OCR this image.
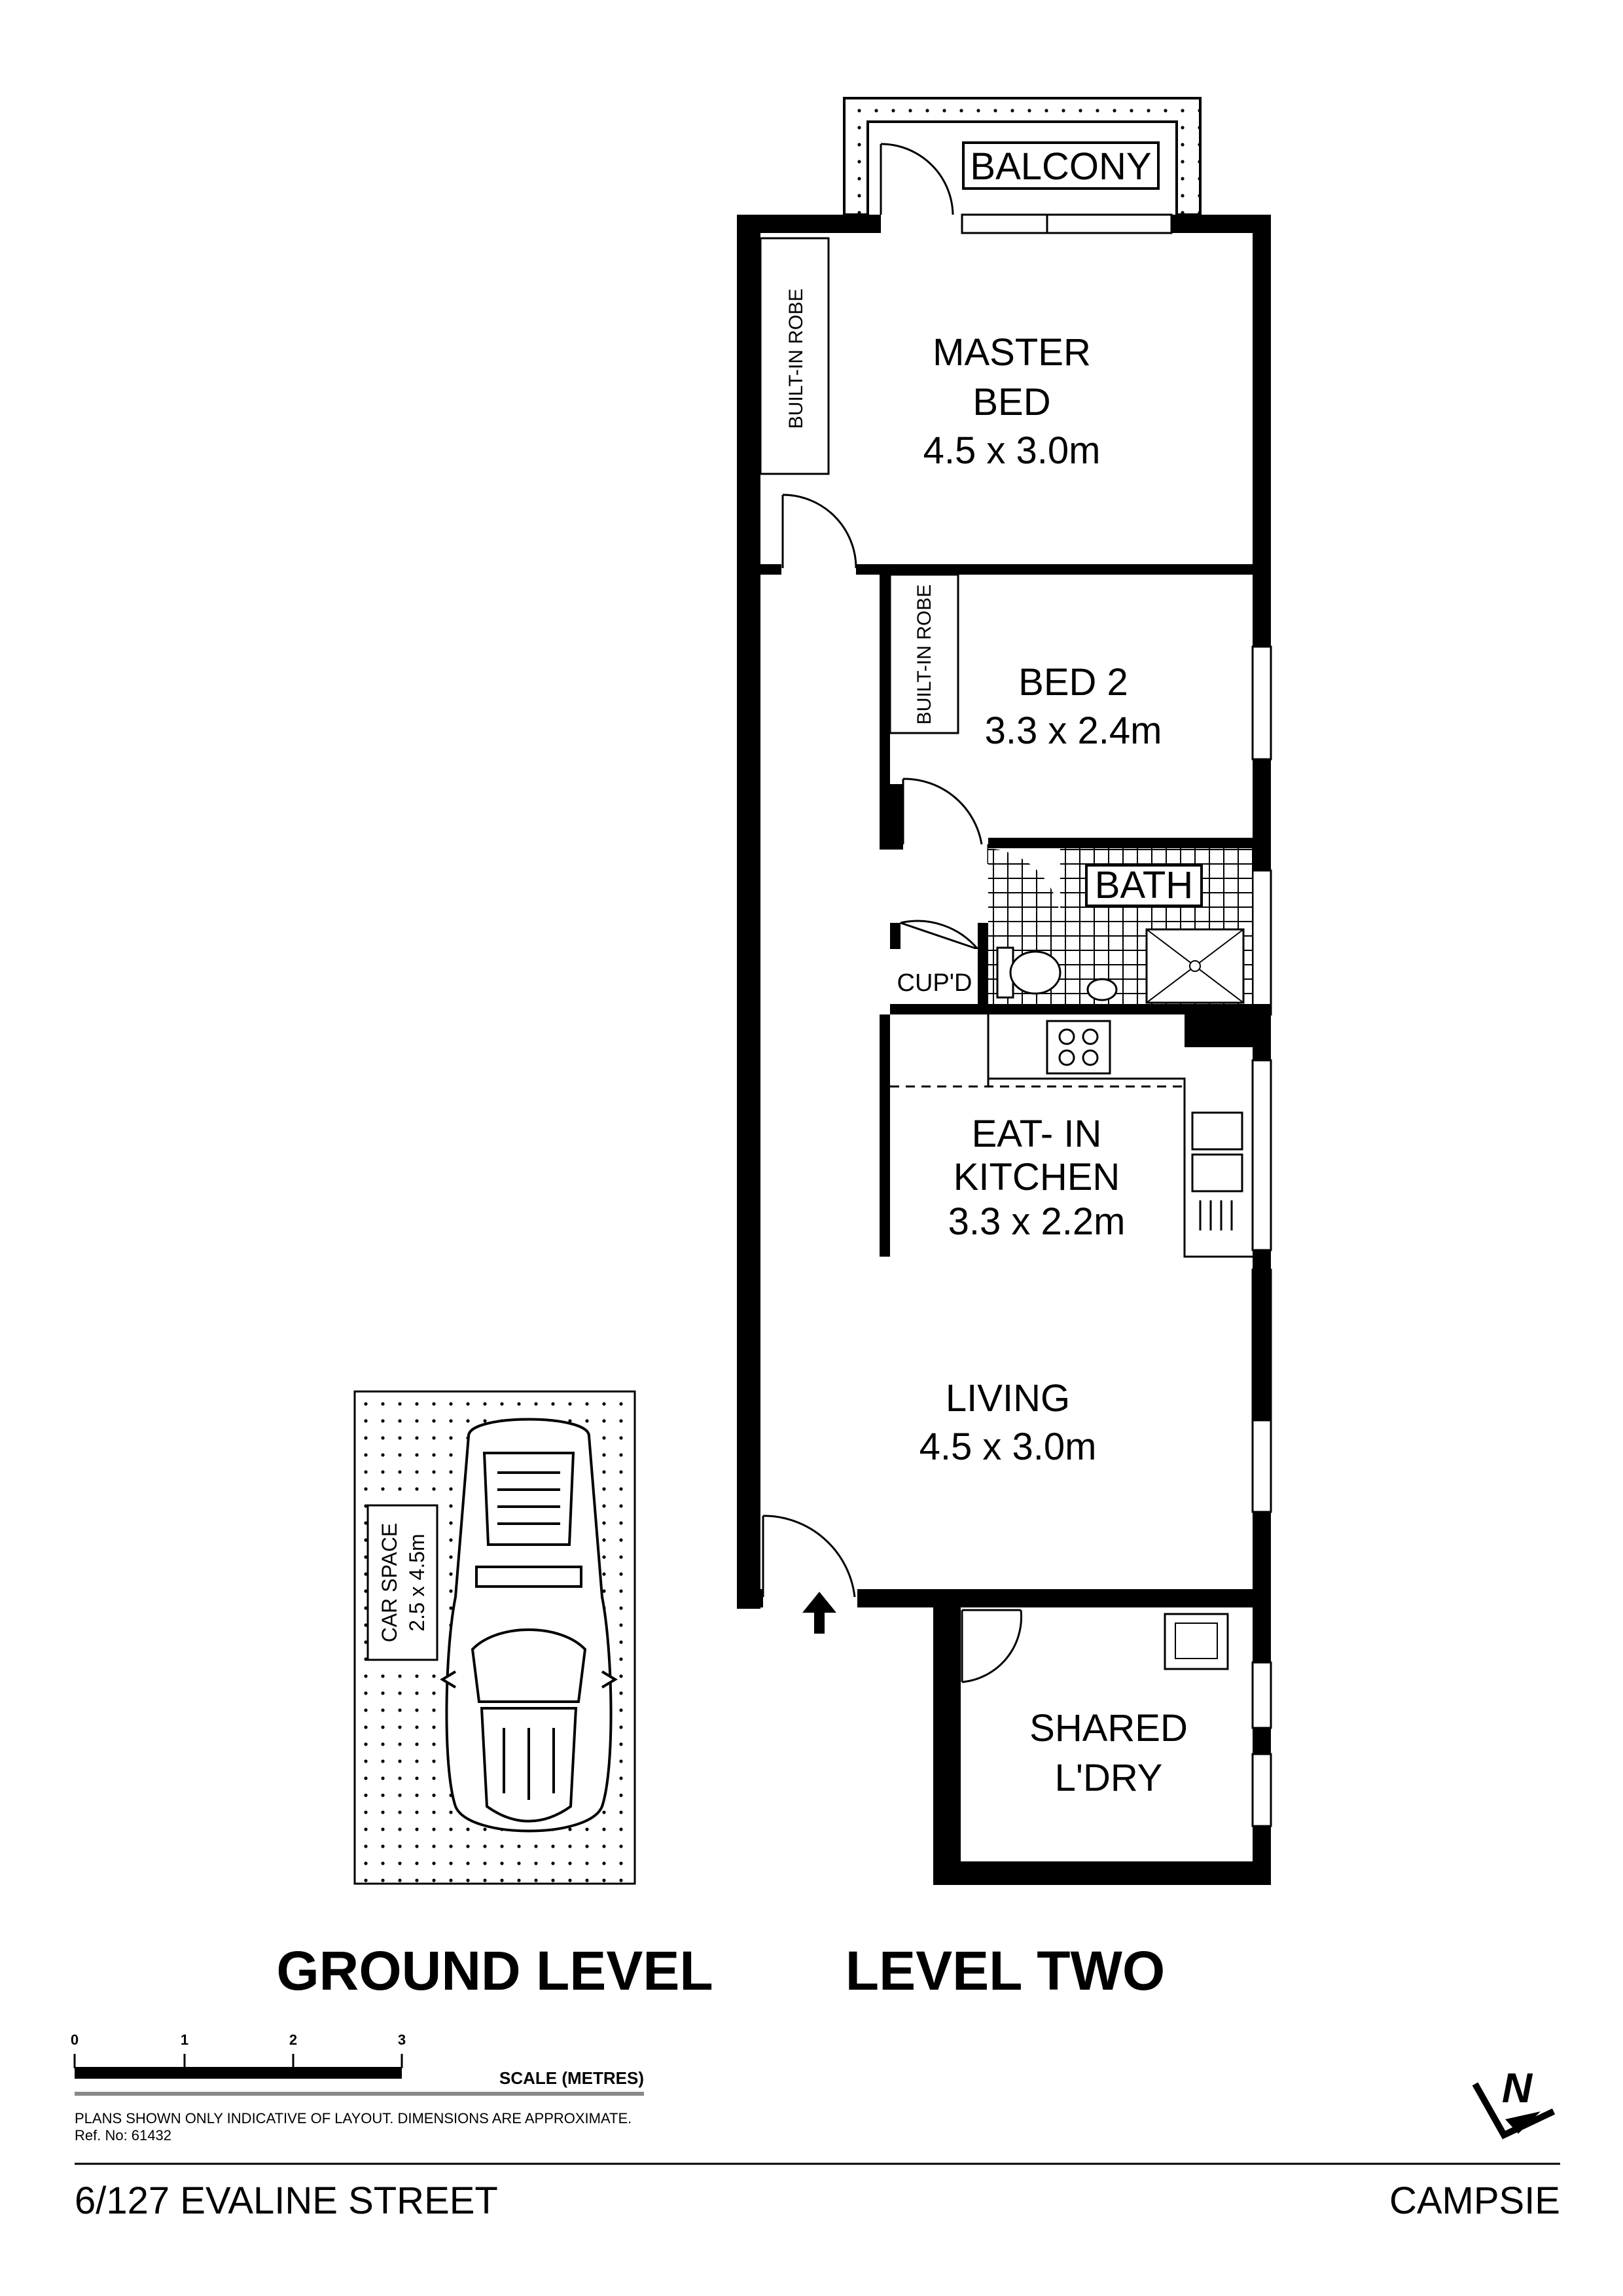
BALCONY
BUILT-IN ROBE
BUILT-IN ROBE
BATH
CUP'D
MASTER
BED
4.5 x 3.0m
BED 2
3.3 x 2.4m
EAT- IN
KITCHEN
3.3 x 2.2m
LIVING
4.5 x 3.0m
SHARED
L'DRY
CAR SPACE 2.5 x 4.5m
GROUND LEVEL LEVEL TWO
0	1	2	3
SCALE (METRES)
PLANS SHOWN ONLY INDICATIVE OF LAYOUT. DIMENSIONS ARE APPROXIMATE.
Ref. No: 61432
6/127 EVALINE STREET	CAMPSIE
N
